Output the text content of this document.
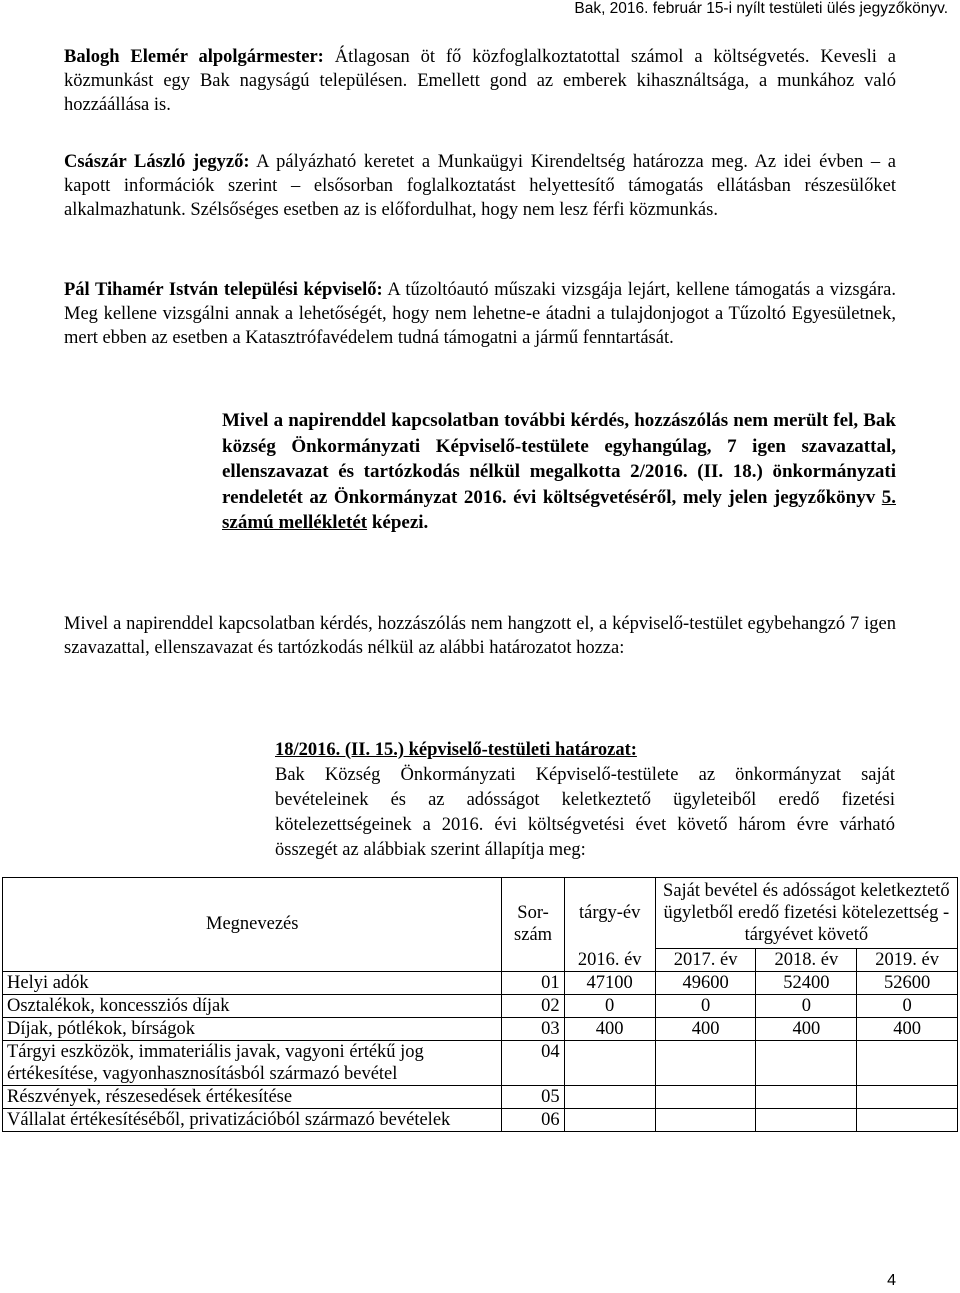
Bak, 2016. február 15-i nyílt testületi ülés jegyzőkönyv.

Balogh Elemér alpolgármester: Átlagosan öt fő közfoglalkoztatottal számol a költségvetés. Kevesli a közmunkást egy Bak nagyságú településen. Emellett gond az emberek kihasználtsága, a munkához való hozzáállása is.

Császár László jegyző: A pályázható keretet a Munkaügyi Kirendeltség határozza meg. Az idei évben – a kapott információk szerint – elsősorban foglalkoztatást helyettesítő támogatás ellátásban részesülőket alkalmazhatunk. Szélsőséges esetben az is előfordulhat, hogy nem lesz férfi közmunkás.

Pál Tihamér István települési képviselő: A tűzoltóautó műszaki vizsgája lejárt, kellene támogatás a vizsgára. Meg kellene vizsgálni annak a lehetőségét, hogy nem lehetne-e átadni a tulajdonjogot a Tűzoltó Egyesületnek, mert ebben az esetben a Katasztrófavédelem tudná támogatni a jármű fenntartását.

Mivel a napirenddel kapcsolatban további kérdés, hozzászólás nem merült fel, Bak község Önkormányzati Képviselő-testülete egyhangúlag, 7 igen szavazattal, ellenszavazat és tartózkodás nélkül megalkotta 2/2016. (II. 18.) önkormányzati rendeletét az Önkormányzat 2016. évi költségvetéséről, mely jelen jegyzőkönyv 5. számú mellékletét képezi.

Mivel a napirenddel kapcsolatban kérdés, hozzászólás nem hangzott el, a képviselő-testület egybehangzó 7 igen szavazattal, ellenszavazat és tartózkodás nélkül az alábbi határozatot hozza:

18/2016. (II. 15.) képviselő-testületi határozat:
Bak Község Önkormányzati Képviselő-testülete az önkormányzat saját bevételeinek és az adósságot keletkeztető ügyleteiből eredő fizetési kötelezettségeinek a 2016. évi költségvetési évet követő három évre várható összegét az alábbiak szerint állapítja meg:
Megnevezés	Sor-szám	tárgy-év	Saját bevétel és adósságot keletkeztető ügyletből eredő fizetési kötelezettség - tárgyévet követő		
		2016. év	2017. év	2018. év	2019. év
Helyi adók	01	47100	49600	52400	52600
Osztalékok, koncessziós díjak	02	0	0	0	0
Díjak, pótlékok, bírságok	03	400	400	400	400
Tárgyi eszközök, immateriális javak, vagyoni értékű jog értékesítése, vagyonhasznosításból származó bevétel	04				
Részvények, részesedések értékesítése	05				
Vállalat értékesítéséből, privatizációból származó bevételek	06				
4
